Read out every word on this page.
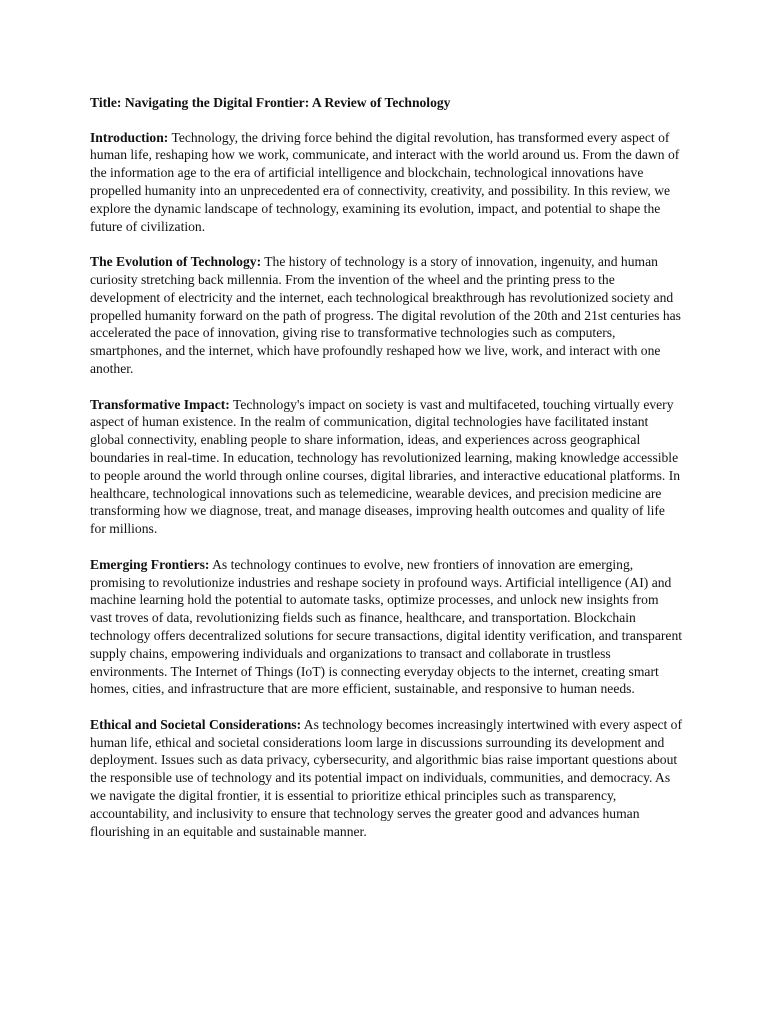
Title: Navigating the Digital Frontier: A Review of Technology

Introduction: Technology, the driving force behind the digital revolution, has transformed every aspect of human life, reshaping how we work, communicate, and interact with the world around us. From the dawn of the information age to the era of artificial intelligence and blockchain, technological innovations have propelled humanity into an unprecedented era of connectivity, creativity, and possibility. In this review, we explore the dynamic landscape of technology, examining its evolution, impact, and potential to shape the future of civilization.

The Evolution of Technology: The history of technology is a story of innovation, ingenuity, and human curiosity stretching back millennia. From the invention of the wheel and the printing press to the development of electricity and the internet, each technological breakthrough has revolutionized society and propelled humanity forward on the path of progress. The digital revolution of the 20th and 21st centuries has accelerated the pace of innovation, giving rise to transformative technologies such as computers, smartphones, and the internet, which have profoundly reshaped how we live, work, and interact with one another.

Transformative Impact: Technology's impact on society is vast and multifaceted, touching virtually every aspect of human existence. In the realm of communication, digital technologies have facilitated instant global connectivity, enabling people to share information, ideas, and experiences across geographical boundaries in real-time. In education, technology has revolutionized learning, making knowledge accessible to people around the world through online courses, digital libraries, and interactive educational platforms. In healthcare, technological innovations such as telemedicine, wearable devices, and precision medicine are transforming how we diagnose, treat, and manage diseases, improving health outcomes and quality of life for millions.

Emerging Frontiers: As technology continues to evolve, new frontiers of innovation are emerging, promising to revolutionize industries and reshape society in profound ways. Artificial intelligence (AI) and machine learning hold the potential to automate tasks, optimize processes, and unlock new insights from vast troves of data, revolutionizing fields such as finance, healthcare, and transportation. Blockchain technology offers decentralized solutions for secure transactions, digital identity verification, and transparent supply chains, empowering individuals and organizations to transact and collaborate in trustless environments. The Internet of Things (IoT) is connecting everyday objects to the internet, creating smart homes, cities, and infrastructure that are more efficient, sustainable, and responsive to human needs.

Ethical and Societal Considerations: As technology becomes increasingly intertwined with every aspect of human life, ethical and societal considerations loom large in discussions surrounding its development and deployment. Issues such as data privacy, cybersecurity, and algorithmic bias raise important questions about the responsible use of technology and its potential impact on individuals, communities, and democracy. As we navigate the digital frontier, it is essential to prioritize ethical principles such as transparency, accountability, and inclusivity to ensure that technology serves the greater good and advances human flourishing in an equitable and sustainable manner.
